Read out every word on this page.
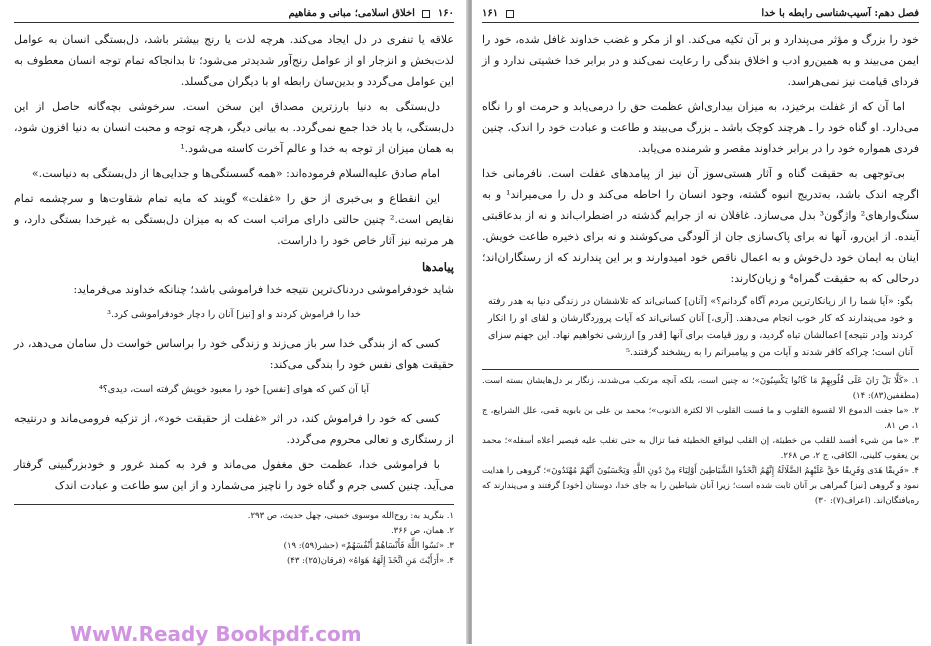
۱۶۰  اخلاق اسلامی؛ مبانی و مفاهیم

علاقه یا تنفری در دل ایجاد می‌کند. هرچه لذت یا رنج بیشتر باشد، دل‌بستگی انسان به عوامل لذت‌بخش و انزجار او از عوامل رنج‌آور شدیدتر می‌شود؛ تا بدانجاکه تمام توجه انسان معطوف به این عوامل می‌گردد و بدین‌سان رابطه او با دیگران می‌گسلد.

دل‌بستگی به دنیا بارزترین مصداق این سخن است. سرخوشی بچه‌گانه حاصل از این دل‌بستگی، با یاد خدا جمع نمی‌گردد. به بیانی دیگر، هرچه توجه و محبت انسان به دنیا افزون شود، به همان میزان از توجه به خدا و عالم آخرت کاسته می‌شود.¹

امام صادق علیه‌السلام فرموده‌اند: «همه گسستگی‌ها و جدایی‌ها از دل‌بستگی به دنیاست.»

این انقطاع و بی‌خبری از حق را «غفلت» گویند که مایه تمام شقاوت‌ها و سرچشمه تمام نقایص است.² چنین حالتی دارای مراتب است که به میزان دل‌بستگی به غیرخدا بستگی دارد، و هر مرتبه نیز آثار خاص خود را داراست.

پیامدها

شاید خودفراموشی دردناک‌ترین نتیجه خدا فراموشی باشد؛ چنانکه خداوند می‌فرماید:

خدا را فراموش کردند و او [نیز] آنان را دچار خودفراموشی کرد.³

کسی که از بندگی خدا سر باز می‌زند و زندگی خود را براساس خواست دل سامان می‌دهد، در حقیقت هوای نفس خود را بندگی می‌کند:

آیا آن کس که هوای [نفس] خود را معبود خویش گرفته است، دیدی؟⁴

کسی که خود را فراموش کند، در اثر «غفلت از حقیقت خود»، از تزکیه فرومی‌ماند و درنتیجه از رستگاری و تعالی محروم می‌گردد.

با فراموشی خدا، عظمت حق مغفول می‌ماند و فرد به کمند غرور و خودبزرگبینی گرفتار می‌آید. چنین کسی جرم و گناه خود را ناچیز می‌شمارد و از این سو طاعت و عبادت اندک

۱. بنگرید به: روح‌الله موسوی خمینی، چهل حدیث، ص ۲۹۳.

۲. همان، ص ۳۶۶.

۳. «نَسُوا اللَّهَ فَأَنْسَاهُمْ أَنْفُسَهُمْ» (حشر(۵۹): ۱۹)

۴. «أَرَأَيْتَ مَنِ اتَّخَذَ إِلَهَهُ هَوَاهُ» (فرقان(۲۵): ۴۳)

فصل دهم: آسیب‌شناسی رابطه با خدا
۱۶۱

خود را بزرگ و مؤثر می‌پندارد و بر آن تکیه می‌کند. او از مکر و غضب خداوند غافل شده، خود را ایمن می‌بیند و به همین‌رو ادب و اخلاق بندگی را رعایت نمی‌کند و در برابر خدا خشیتی ندارد و از فردای قیامت نیز نمی‌هراسد.

اما آن که از غفلت برخیزد، به میزان بیداری‌اش عظمت حق را درمی‌یابد و حرمت او را نگاه می‌دارد. او گناه خود را ـ هرچند کوچک باشد ـ بزرگ می‌بیند و طاعت و عبادت خود را اندک. چنین فردی همواره خود را در برابر خداوند مقصر و شرمنده می‌یابد.

بی‌توجهی به حقیقت گناه و آثار هستی‌سوز آن نیز از پیامدهای غفلت است. نافرمانی خدا اگرچه اندک باشد، به‌تدریج انبوه گشته، وجود انسان را احاطه می‌کند و دل را می‌میراند¹ و به سنگ‌وارهای² واژگون³ بدل می‌سازد. غافلان نه از جرایم گذشته در اضطراب‌اند و نه از بدعاقبتی آینده. از این‌رو، آنها نه برای پاک‌سازی جان از آلودگی می‌کوشند و نه برای ذخیره طاعت خویش. اینان به ایمان خود دل‌خوش و به اعمال ناقص خود امیدوارند و بر این پندارند که از رستگاران‌اند؛ درحالی که به حقیقت گمراه⁴ و زیان‌کارند:

بگو: «آیا شما را از زیانکارترین مردم آگاه گردانم؟» [آنان] کسانی‌اند که تلاششان در زندگی دنیا به هدر رفته و خود می‌پندارند که کار خوب انجام می‌دهند. [آری،] آنان کسانی‌اند که آیات پروردگارشان و لقای او را انکار کردند و[در نتیجه] اعمالشان تباه گردید، و روز قیامت برای آنها [قدر و] ارزشی نخواهیم نهاد. این جهنم سزای آنان است؛ چراکه کافر شدند و آیات من و پیامبرانم را به ریشخند گرفتند.⁵

۱. «كَلَّا بَلْ رَانَ عَلَى قُلُوبِهِمْ مَا كَانُوا يَكْسِبُونَ»؛ نه چنین است، بلکه آنچه مرتکب می‌شدند، زنگار بر دل‌هایشان بسته است. (مطففین(۸۳): ۱۴)

۲. «ما جفت الدموع الا لقسوة القلوب و ما قست القلوب الا لكثرة الذنوب»؛ محمد بن علی بن بابویه قمی، علل الشرایع، ج ۱، ص ۸۱.

۳. «ما من شيء أفسد للقلب من خطيئة، إن القلب ليواقع الخطيئة فما تزال به حتى تغلب عليه فيصير أعلاه أسفله»؛ محمد بن یعقوب کلینی، الکافی، ج ۲، ص ۲۶۸.

۴. «فَرِيقًا هَدَى وَفَرِيقًا حَقَّ عَلَيْهِمُ الضَّلَالَةُ إِنَّهُمُ اتَّخَذُوا الشَّيَاطِينَ أَوْلِيَاءَ مِنْ دُونِ اللَّهِ وَيَحْسَبُونَ أَنَّهُمْ مُهْتَدُونَ»؛ گروهی را هدایت نمود و گروهی [نیز] گمراهی بر آنان ثابت شده است؛ زیرا آنان شیاطین را به جای خدا، دوستان [خود] گرفتند و می‌پندارند که ره‌یافتگان‌اند. (اعراف(۷): ۳۰)

WwW.Ready Bookpdf.com
